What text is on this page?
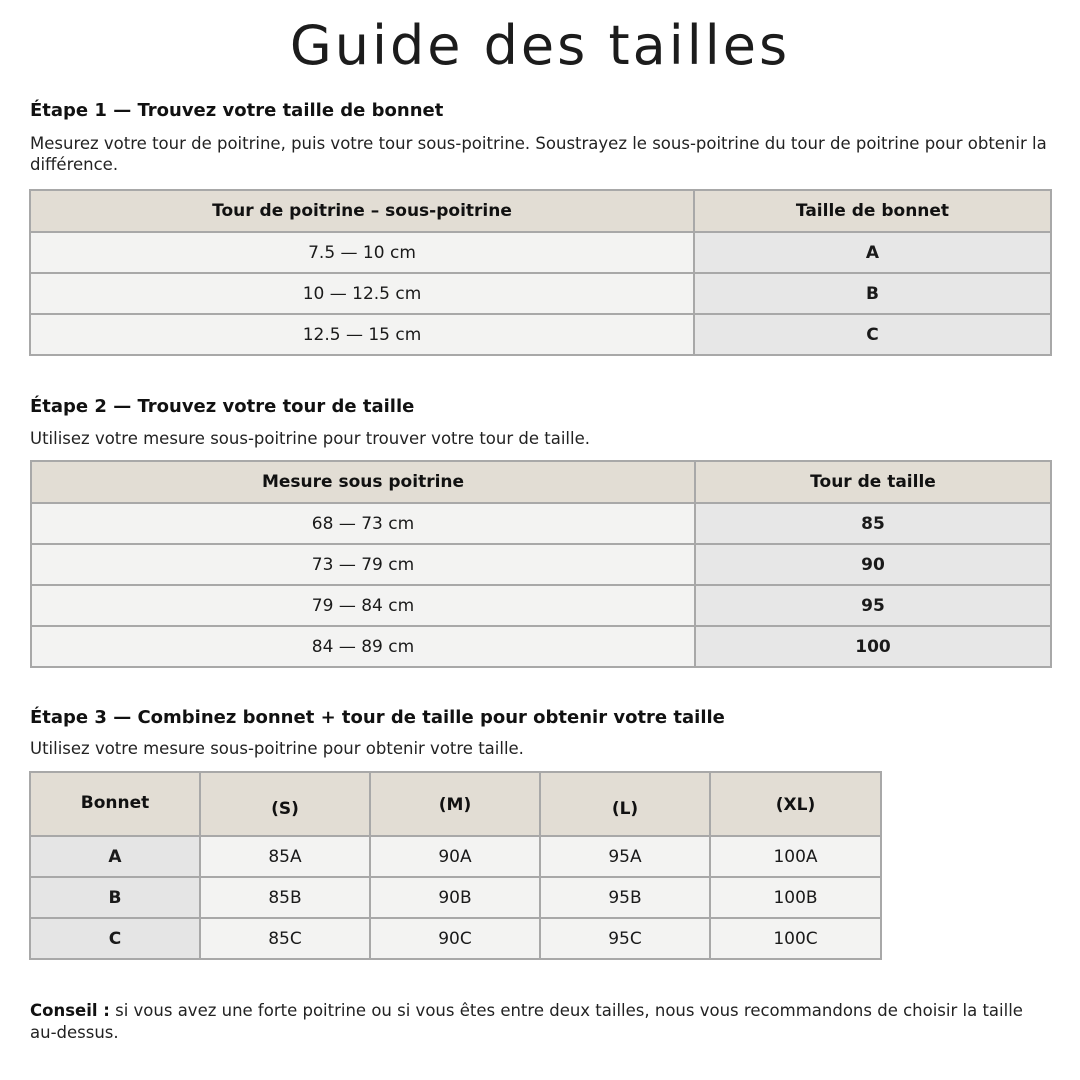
Guide des tailles
Étape 1 — Trouvez votre taille de bonnet

Mesurez votre tour de poitrine, puis votre tour sous-poitrine. Soustrayez le sous-poitrine du tour de poitrine pour obtenir la différence.

Tour de poitrine – sous-poitrine	Taille de bonnet
7.5 — 10 cm	A
10 — 12.5 cm	B
12.5 — 15 cm	C
Étape 2 — Trouvez votre tour de taille

Utilisez votre mesure sous-poitrine pour trouver votre tour de taille.

Mesure sous poitrine	Tour de taille
68 — 73 cm	85
73 — 79 cm	90
79 — 84 cm	95
84 — 89 cm	100
Étape 3 — Combinez bonnet + tour de taille pour obtenir votre taille

Utilisez votre mesure sous-poitrine pour obtenir votre taille.

Bonnet	(S)	(M)	(L)	(XL)
A	85A	90A	95A	100A
B	85B	90B	95B	100B
C	85C	90C	95C	100C

Conseil : si vous avez une forte poitrine ou si vous êtes entre deux tailles, nous vous recommandons de choisir la taille au-dessus.
